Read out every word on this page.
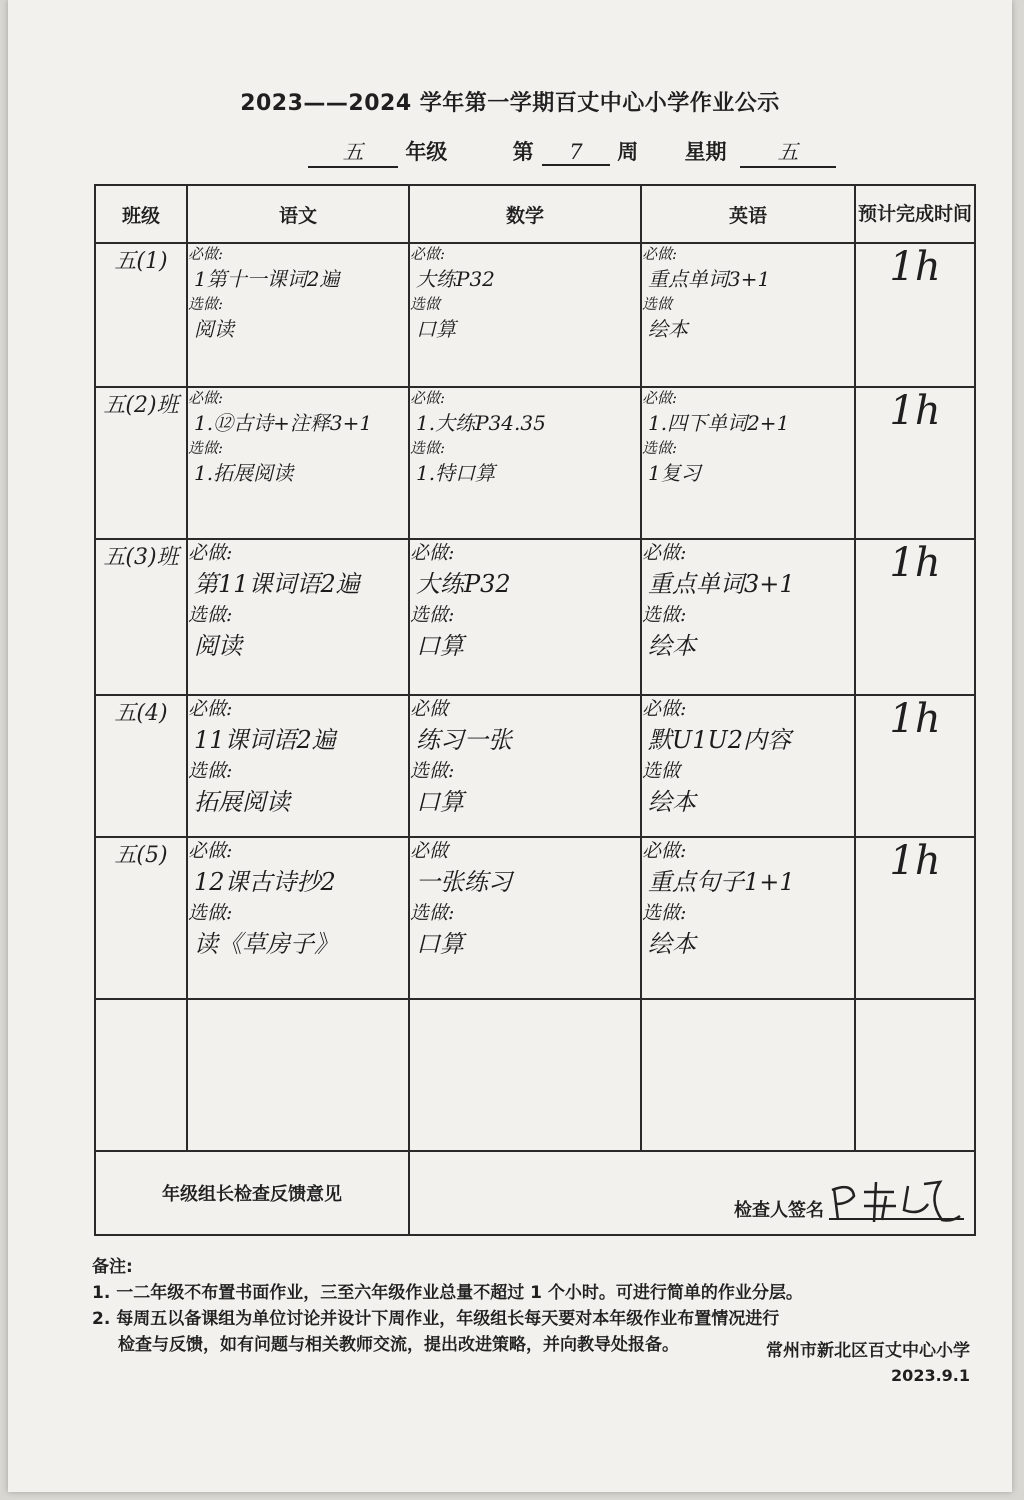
2023——2024 学年第一学期百丈中心小学作业公示
五 年级	第 7 周 星期 五
班级	语文	数学	英语	预计完成时间
五(1)	必做:
1第十一课词2遍
选做:
阅读	必做:
大练P32
选做
口算	必做:
重点单词3+1
选做
绘本	1h
五(2)班	必做:
1.⑫古诗+注释3+1
选做:
1.拓展阅读	必做:
1.大练P34.35
选做:
1.特口算	必做:
1.四下单词2+1
选做:
1复习	1h
五(3)班	必做:
第11课词语2遍
选做:
阅读	必做:
大练P32
选做:
口算	必做:
重点单词3+1
选做:
绘本	1h
五(4)	必做:
11课词语2遍
选做:
拓展阅读	必做
练习一张
选做:
口算	必做:
默U1U2内容
选做
绘本	1h
五(5)	必做:
12课古诗抄2
选做:
读《草房子》	必做
一张练习
选做:
口算	必做:
重点句子1+1
选做:
绘本	1h

年级组长检查反馈意见		检查人签名		
备注:
1. 一二年级不布置书面作业，三至六年级作业总量不超过 1 个小时。可进行简单的作业分层。
2. 每周五以备课组为单位讨论并设计下周作业，年级组长每天要对本年级作业布置情况进行
检查与反馈，如有问题与相关教师交流，提出改进策略，并向教导处报备。	常州市新北区百丈中心小学
2023.9.1
